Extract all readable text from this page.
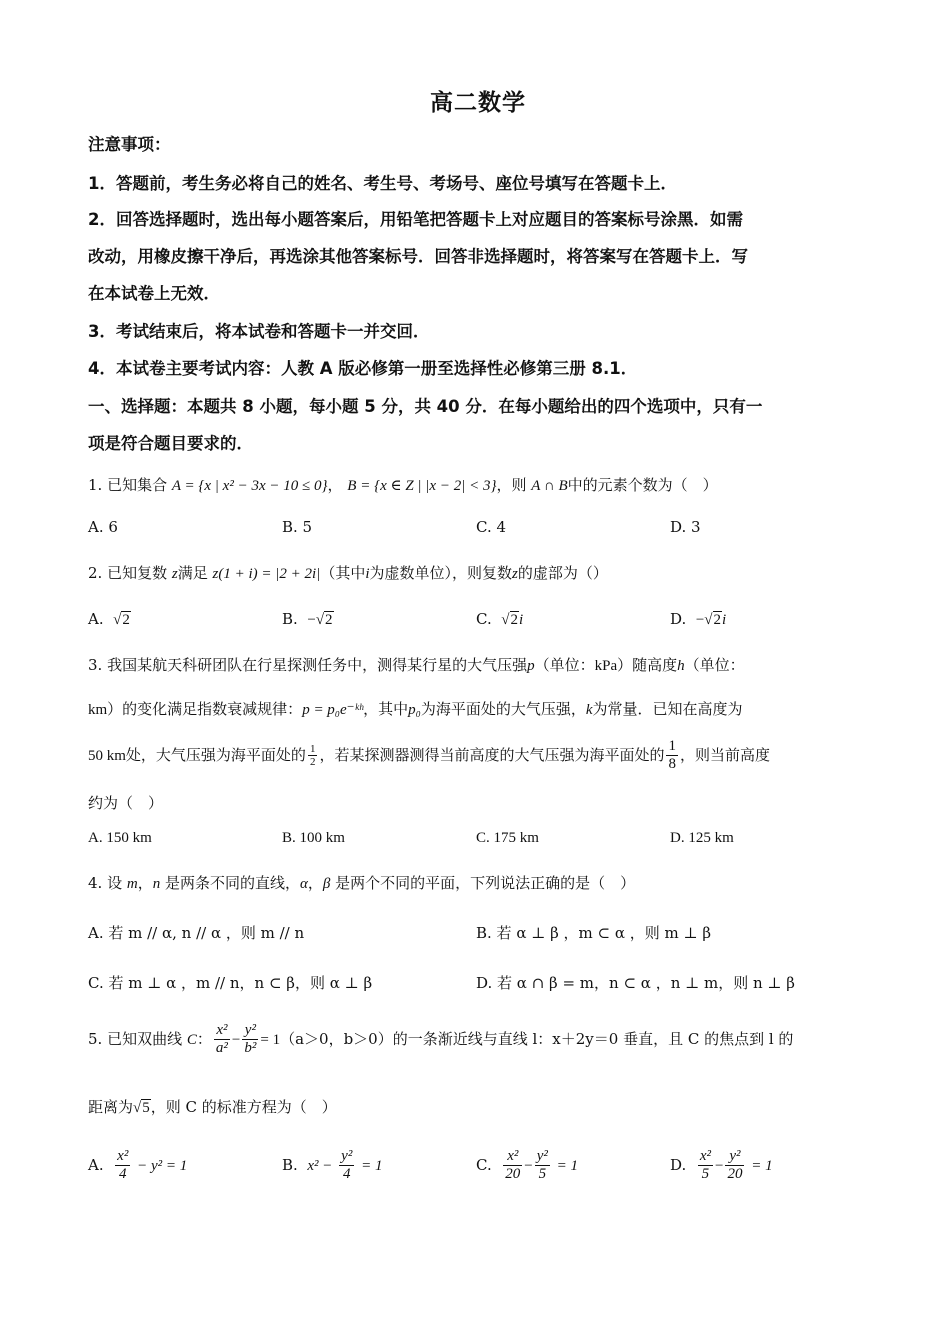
高二数学
注意事项：
1．答题前，考生务必将自己的姓名、考生号、考场号、座位号填写在答题卡上．
2．回答选择题时，选出每小题答案后，用铅笔把答题卡上对应题目的答案标号涂黑．如需
改动，用橡皮擦干净后，再选涂其他答案标号．回答非选择题时，将答案写在答题卡上．写
在本试卷上无效．
3．考试结束后，将本试卷和答题卡一并交回．
4．本试卷主要考试内容：人教 A 版必修第一册至选择性必修第三册 8.1．
一、选择题：本题共 8 小题，每小题 5 分，共 40 分．在每小题给出的四个选项中，只有一
项是符合题目要求的．
1. 已知集合 A = {x | x² − 3x − 10 ≤ 0}， B = {x ∈ Z | |x − 2| < 3}，则 A ∩ B中的元素个数为（　）
A. 6	B. 5	C. 4	D. 3
2. 已知复数 z满足 z(1 + i) = |2 + 2i|（其中i为虚数单位），则复数z的虚部为（）
A. √2	B. −√2	C. √2i	D. −√2i
3. 我国某航天科研团队在行星探测任务中，测得某行星的大气压强p（单位：kPa）随高度h（单位：
km）的变化满足指数衰减规律：p = p₀e⁻ᵏʰ，其中p₀为海平面处的大气压强，k为常量．已知在高度为
50 km处，大气压强为海平面处的 $\frac{1}{2}$ ，若某探测器测得当前高度的大气压强为海平面处的 $\frac{1}{8}$ ，则当前高度
约为（　）
A. 150 km	B. 100 km	C. 175 km	D. 125 km
4. 设 m，n 是两条不同的直线，α，β 是两个不同的平面，下列说法正确的是（　）
A. 若 m // α, n // α ，则 m // n	B. 若 α ⊥ β ，m ⊂ α ，则 m ⊥ β
C. 若 m ⊥ α ，m // n，n ⊂ β，则 α ⊥ β	D. 若 α ∩ β = m，n ⊂ α ，n ⊥ m，则 n ⊥ β
5. 已知双曲线 C： $\frac{\text{x²}}{\text{a²}} - \frac{\text{y²}}{\text{b²}} = 1(a>0$，b＞0）的一条渐近线与直线 l：x＋2y＝0 垂直，且 C 的焦点到 l 的
距离为√5，则 C 的标准方程为（　）
A. $\frac{\text{x²}}{4} - y^2 = 1$	B. $x^2 - \frac{\text{y²}}{4} = 1$	C. $\frac{\text{x²}}{20} - \frac{\text{y²}}{5} = 1$	D. $\frac{\text{x²}}{5} - \frac{\text{y²}}{20} = 1$
